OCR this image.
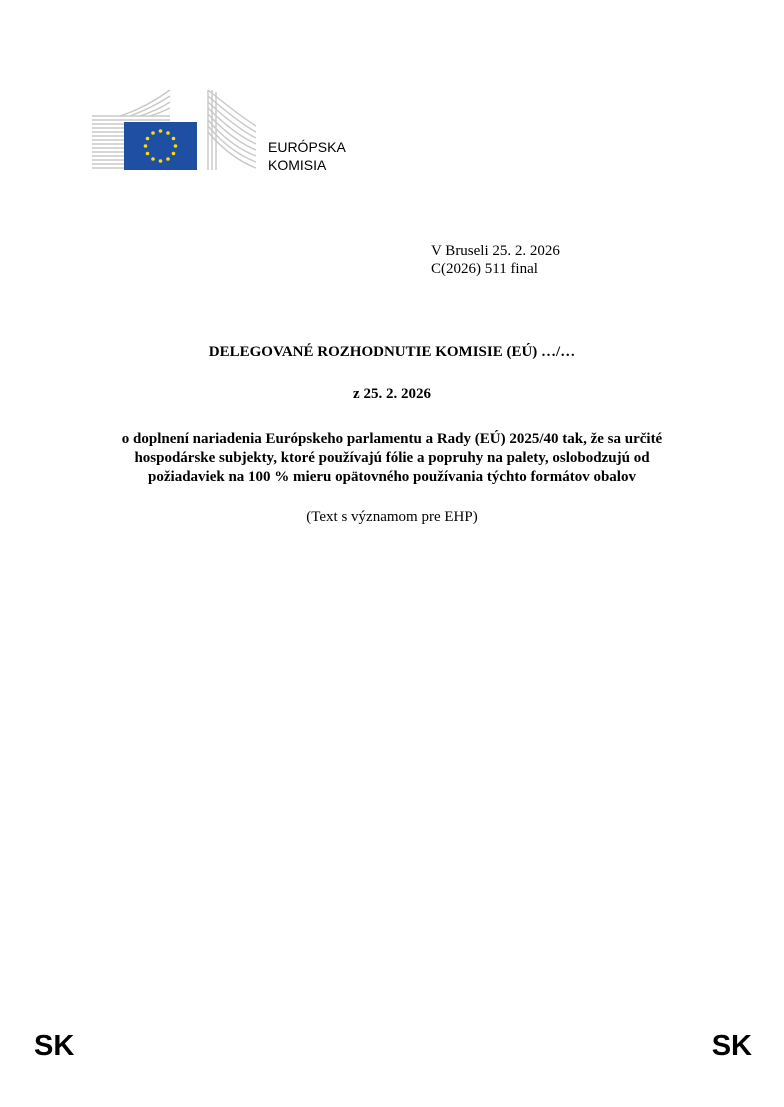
EURÓPSKA
KOMISIA
V Bruseli 25. 2. 2026
C(2026) 511 final
DELEGOVANÉ ROZHODNUTIE KOMISIE (EÚ) …/…
z 25. 2. 2026
o doplnení nariadenia Európskeho parlamentu a Rady (EÚ) 2025/40 tak, že sa určité
hospodárske subjekty, ktoré používajú fólie a popruhy na palety, oslobodzujú od
požiadaviek na 100 % mieru opätovného používania týchto formátov obalov
(Text s významom pre EHP)
SK	SK
